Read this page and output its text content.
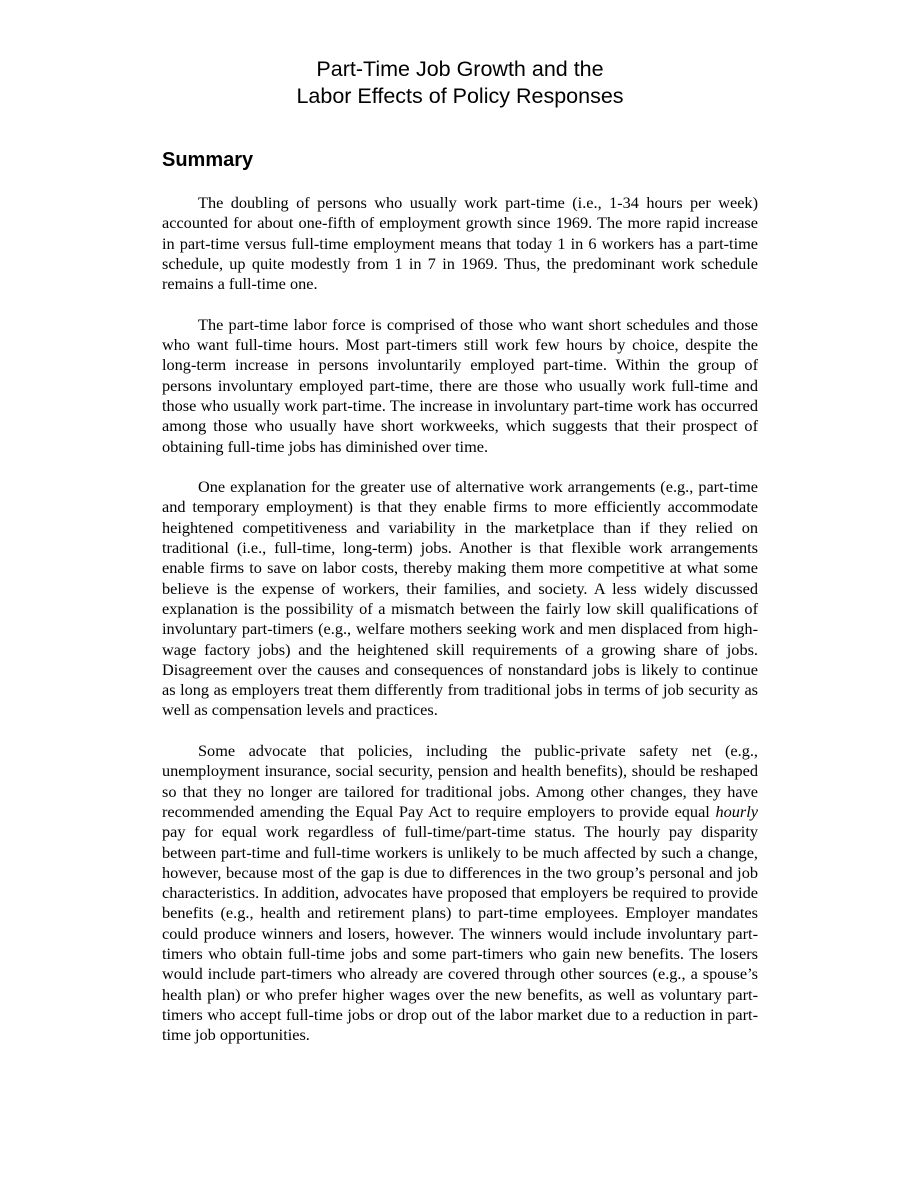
Part-Time Job Growth and the
Labor Effects of Policy Responses
Summary

The doubling of persons who usually work part-time (i.e., 1-34 hours per week) accounted for about one-fifth of employment growth since 1969. The more rapid increase in part-time versus full-time employment means that today 1 in 6 workers has a part-time schedule, up quite modestly from 1 in 7 in 1969. Thus, the predominant work schedule remains a full-time one.

The part-time labor force is comprised of those who want short schedules and those who want full-time hours. Most part-timers still work few hours by choice, despite the long-term increase in persons involuntarily employed part-time. Within the group of persons involuntary employed part-time, there are those who usually work full-time and those who usually work part-time. The increase in involuntary part-time work has occurred among those who usually have short workweeks, which suggests that their prospect of obtaining full-time jobs has diminished over time.

One explanation for the greater use of alternative work arrangements (e.g., part-time and temporary employment) is that they enable firms to more efficiently accommodate heightened competitiveness and variability in the marketplace than if they relied on traditional (i.e., full-time, long-term) jobs. Another is that flexible work arrangements enable firms to save on labor costs, thereby making them more competitive at what some believe is the expense of workers, their families, and society. A less widely discussed explanation is the possibility of a mismatch between the fairly low skill qualifications of involuntary part-timers (e.g., welfare mothers seeking work and men displaced from high-wage factory jobs) and the heightened skill requirements of a growing share of jobs. Disagreement over the causes and consequences of nonstandard jobs is likely to continue as long as employers treat them differently from traditional jobs in terms of job security as well as compensation levels and practices.

Some advocate that policies, including the public-private safety net (e.g., unemployment insurance, social security, pension and health benefits), should be reshaped so that they no longer are tailored for traditional jobs. Among other changes, they have recommended amending the Equal Pay Act to require employers to provide equal hourly pay for equal work regardless of full-time/part-time status. The hourly pay disparity between part-time and full-time workers is unlikely to be much affected by such a change, however, because most of the gap is due to differences in the two group’s personal and job characteristics. In addition, advocates have proposed that employers be required to provide benefits (e.g., health and retirement plans) to part-time employees. Employer mandates could produce winners and losers, however. The winners would include involuntary part-timers who obtain full-time jobs and some part-timers who gain new benefits. The losers would include part-timers who already are covered through other sources (e.g., a spouse’s health plan) or who prefer higher wages over the new benefits, as well as voluntary part-timers who accept full-time jobs or drop out of the labor market due to a reduction in part-time job opportunities.
